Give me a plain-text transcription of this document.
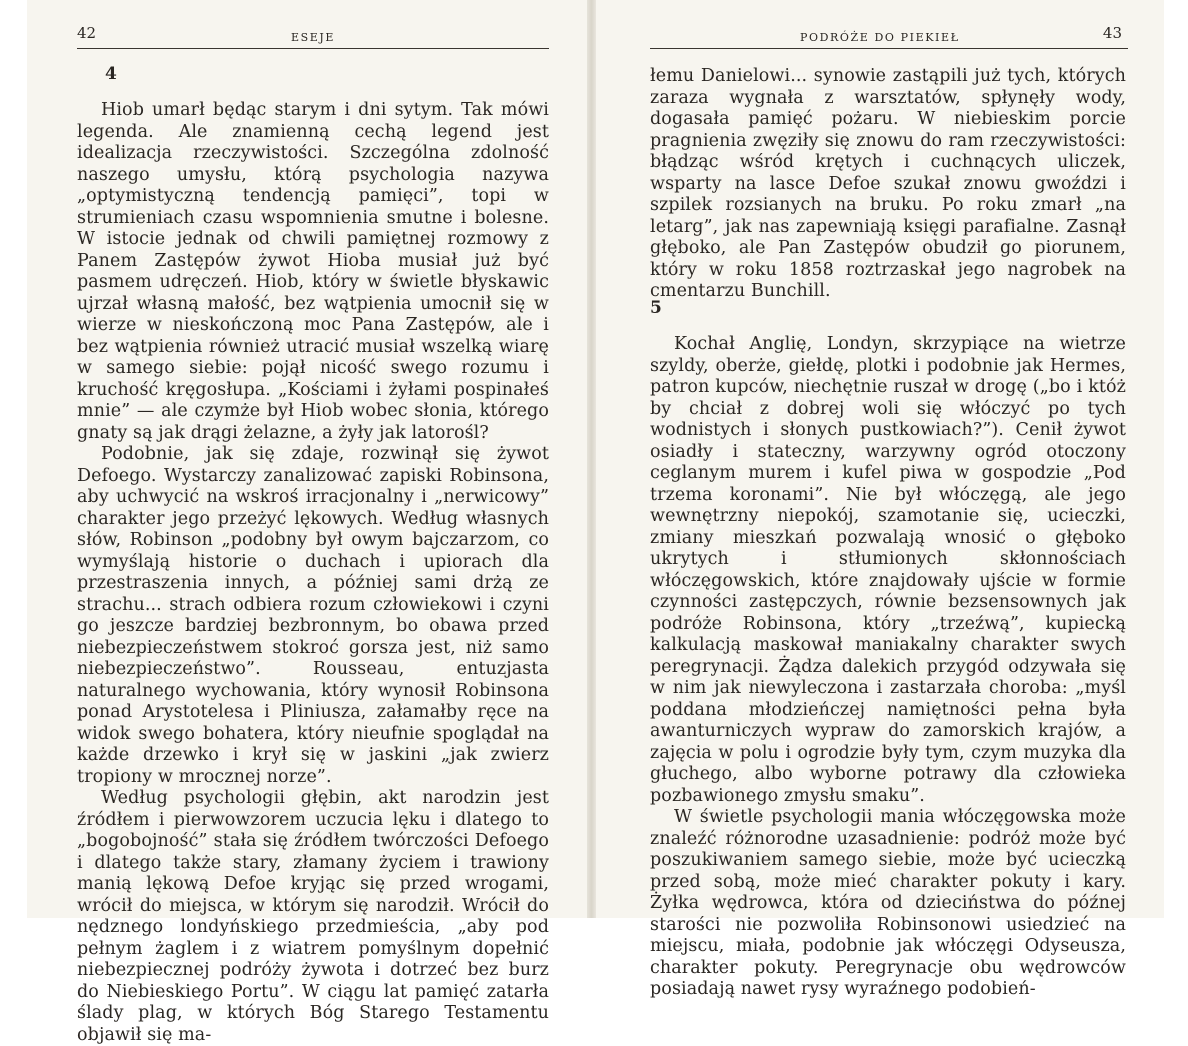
42	ESEJE
4

Hiob umarł będąc starym i dni sytym. Tak mówi legenda. Ale znamienną cechą legend jest idealizacja rzeczywistości. Szczególna zdolność naszego umysłu, którą psychologia nazywa „optymistyczną tendencją pamięci”, topi w strumieniach czasu wspomnienia smutne i bolesne. W istocie jednak od chwili pamiętnej rozmowy z Panem Zastępów żywot Hioba musiał już być pasmem udręczeń. Hiob, który w świetle błyskawic ujrzał własną małość, bez wątpienia umocnił się w wierze w nieskończoną moc Pana Zastępów, ale i bez wątpienia również utracić musiał wszelką wiarę w samego siebie: pojął nicość swego rozumu i kruchość kręgosłupa. „Kościami i żyłami pospinałeś mnie” — ale czymże był Hiob wobec słonia, którego gnaty są jak drągi żelazne, a żyły jak latorośl?

Podobnie, jak się zdaje, rozwinął się żywot Defoego. Wystarczy zanalizować zapiski Robinsona, aby uchwycić na wskroś irracjonalny i „nerwicowy” charakter jego przeżyć lękowych. Według własnych słów, Robinson „podobny był owym bajczarzom, co wymyślają historie o duchach i upiorach dla przestraszenia innych, a później sami drżą ze strachu... strach odbiera rozum człowiekowi i czyni go jeszcze bardziej bezbronnym, bo obawa przed niebezpieczeństwem stokroć gorsza jest, niż samo niebezpieczeństwo”. Rousseau, entuzjasta naturalnego wychowania, który wynosił Robinsona ponad Arystotelesa i Pliniusza, załamałby ręce na widok swego bohatera, który nieufnie spoglądał na każde drzewko i krył się w jaskini „jak zwierz tropiony w mrocznej norze”.

Według psychologii głębin, akt narodzin jest źródłem i pierwowzorem uczucia lęku i dlatego to „bogobojność” stała się źródłem twórczości Defoego i dlatego także stary, złamany życiem i trawiony manią lękową Defoe kryjąc się przed wrogami, wrócił do miejsca, w którym się narodził. Wrócił do nędznego londyńskiego przedmieścia, „aby pod pełnym żaglem i z wiatrem pomyślnym dopełnić niebezpiecznej podróży żywota i dotrzeć bez burz do Niebieskiego Portu”. W ciągu lat pamięć zatarła ślady plag, w których Bóg Starego Testamentu objawił się ma-

PODRÓŻE DO PIEKIEŁ	43

łemu Danielowi... synowie zastąpili już tych, których zaraza wygnała z warsztatów, spłynęły wody, dogasała pamięć pożaru. W niebieskim porcie pragnienia zwęziły się znowu do ram rzeczywistości: błądząc wśród krętych i cuchnących uliczek, wsparty na lasce Defoe szukał znowu gwoździ i szpilek rozsianych na bruku. Po roku zmarł „na letarg”, jak nas zapewniają księgi parafialne. Zasnął głęboko, ale Pan Zastępów obudził go piorunem, który w roku 1858 roztrzaskał jego nagrobek na cmentarzu Bunchill.

5

Kochał Anglię, Londyn, skrzypiące na wietrze szyldy, oberże, giełdę, plotki i podobnie jak Hermes, patron kupców, niechętnie ruszał w drogę („bo i któż by chciał z dobrej woli się włóczyć po tych wodnistych i słonych pustkowiach?”). Cenił żywot osiadły i stateczny, warzywny ogród otoczony ceglanym murem i kufel piwa w gospodzie „Pod trzema koronami”. Nie był włóczęgą, ale jego wewnętrzny niepokój, szamotanie się, ucieczki, zmiany mieszkań pozwalają wnosić o głęboko ukrytych i stłumionych skłonnościach włóczęgowskich, które znajdowały ujście w formie czynności zastępczych, równie bezsensownych jak podróże Robinsona, który „trzeźwą”, kupiecką kalkulacją maskował maniakalny charakter swych peregrynacji. Żądza dalekich przygód odzywała się w nim jak niewyleczona i zastarzała choroba: „myśl poddana młodzieńczej namiętności pełna była awanturniczych wypraw do zamorskich krajów, a zajęcia w polu i ogrodzie były tym, czym muzyka dla głuchego, albo wyborne potrawy dla człowieka pozbawionego zmysłu smaku”.

W świetle psychologii mania włóczęgowska może znaleźć różnorodne uzasadnienie: podróż może być poszukiwaniem samego siebie, może być ucieczką przed sobą, może mieć charakter pokuty i kary. Żyłka wędrowca, która od dzieciństwa do późnej starości nie pozwoliła Robinsonowi usiedzieć na miejscu, miała, podobnie jak włóczęgi Odyseusza, charakter pokuty. Peregrynacje obu wędrowców posiadają nawet rysy wyraźnego podobień-
